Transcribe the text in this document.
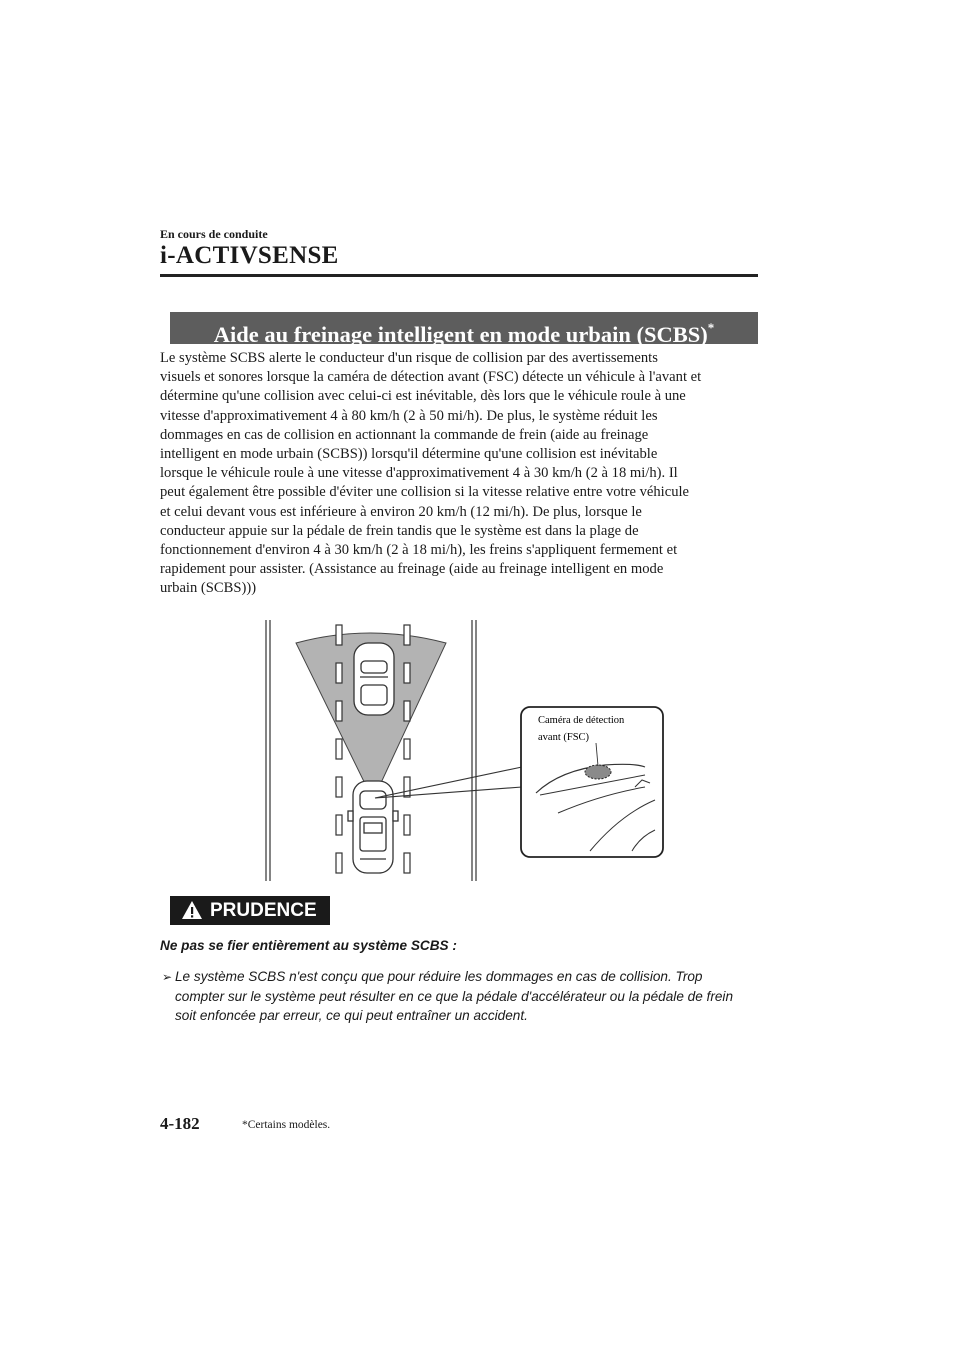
En cours de conduite
i-ACTIVSENSE
Aide au freinage intelligent en mode urbain (SCBS)*
Le système SCBS alerte le conducteur d'un risque de collision par des avertissements
visuels et sonores lorsque la caméra de détection avant (FSC) détecte un véhicule à l'avant et
détermine qu'une collision avec celui-ci est inévitable, dès lors que le véhicule roule à une
vitesse d'approximativement 4 à 80 km/h (2 à 50 mi/h). De plus, le système réduit les
dommages en cas de collision en actionnant la commande de frein (aide au freinage
intelligent en mode urbain (SCBS)) lorsqu'il détermine qu'une collision est inévitable
lorsque le véhicule roule à une vitesse d'approximativement 4 à 30 km/h (2 à 18 mi/h). Il
peut également être possible d'éviter une collision si la vitesse relative entre votre véhicule
et celui devant vous est inférieure à environ 20 km/h (12 mi/h). De plus, lorsque le
conducteur appuie sur la pédale de frein tandis que le système est dans la plage de
fonctionnement d'environ 4 à 30 km/h (2 à 18 mi/h), les freins s'appliquent fermement et
rapidement pour assister. (Assistance au freinage (aide au freinage intelligent en mode
urbain (SCBS)))
Caméra de détection
avant (FSC)
PRUDENCE
Ne pas se fier entièrement au système SCBS :
➢ Le système SCBS n'est conçu que pour réduire les dommages en cas de collision. Trop
compter sur le système peut résulter en ce que la pédale d'accélérateur ou la pédale de frein
soit enfoncée par erreur, ce qui peut entraîner un accident.
4-182	*Certains modèles.
